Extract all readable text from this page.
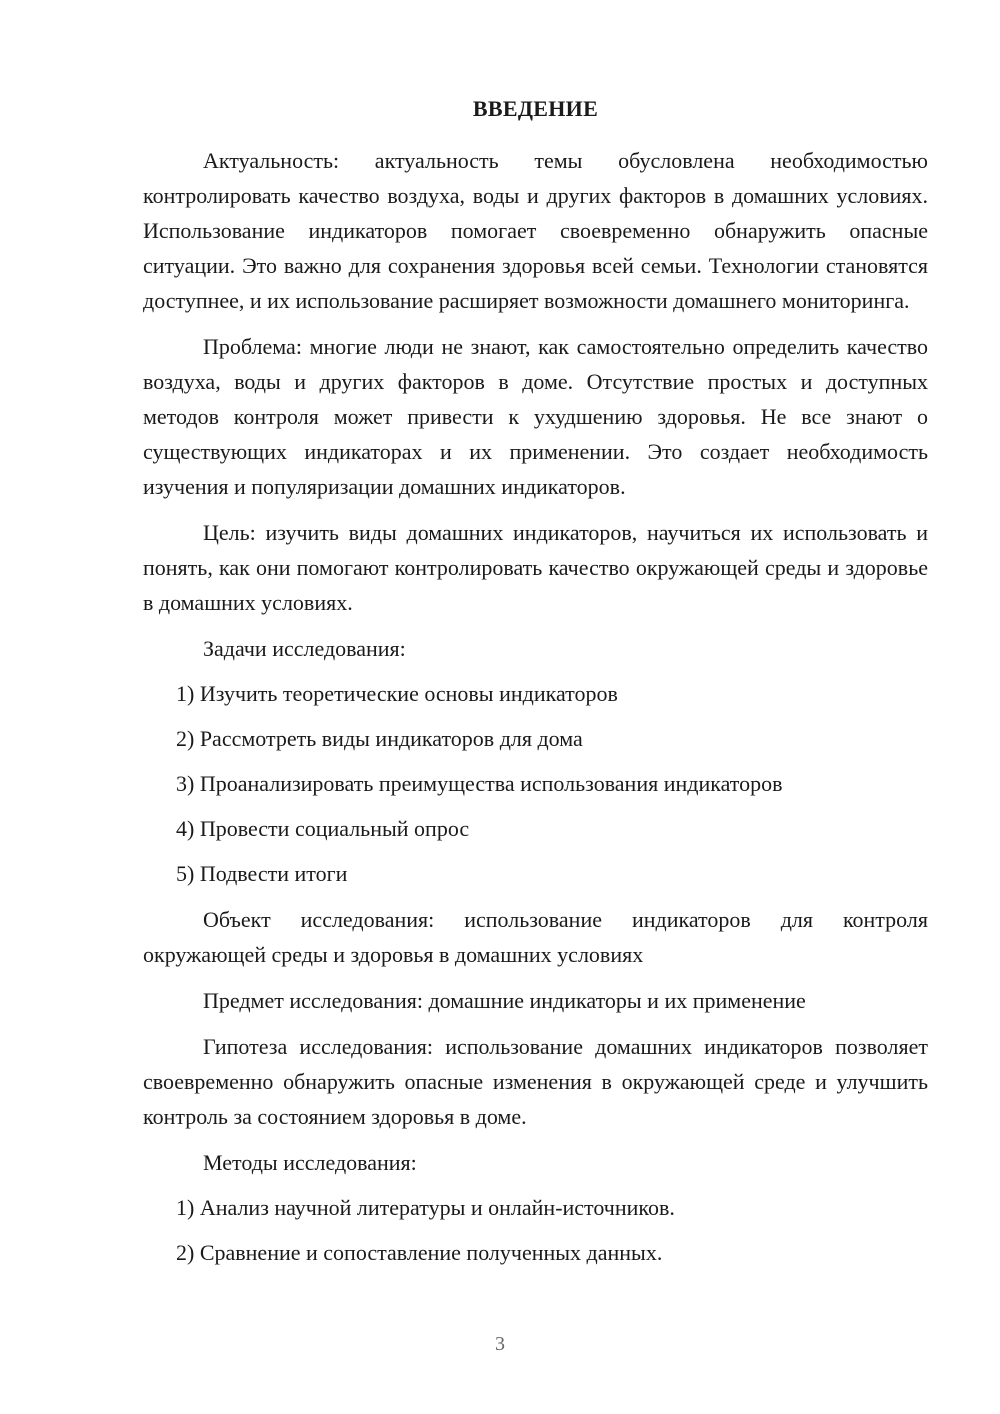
ВВЕДЕНИЕ

Актуальность: актуальность темы обусловлена необходимостью контролировать качество воздуха, воды и других факторов в домашних условиях. Использование индикаторов помогает своевременно обнаружить опасные ситуации. Это важно для сохранения здоровья всей семьи. Технологии становятся доступнее, и их использование расширяет возможности домашнего мониторинга.

Проблема: многие люди не знают, как самостоятельно определить качество воздуха, воды и других факторов в доме. Отсутствие простых и доступных методов контроля может привести к ухудшению здоровья. Не все знают о существующих индикаторах и их применении. Это создает необходимость изучения и популяризации домашних индикаторов.

Цель: изучить виды домашних индикаторов, научиться их использовать и понять, как они помогают контролировать качество окружающей среды и здоровье в домашних условиях.

Задачи исследования:

1) Изучить теоретические основы индикаторов
2) Рассмотреть виды индикаторов для дома
3) Проанализировать преимущества использования индикаторов
4) Провести социальный опрос
5) Подвести итоги

Объект исследования: использование индикаторов для контроля окружающей среды и здоровья в домашних условиях

Предмет исследования: домашние индикаторы и их применение

Гипотеза исследования: использование домашних индикаторов позволяет своевременно обнаружить опасные изменения в окружающей среде и улучшить контроль за состоянием здоровья в доме.

Методы исследования:

1) Анализ научной литературы и онлайн-источников.
2) Сравнение и сопоставление полученных данных.
3
